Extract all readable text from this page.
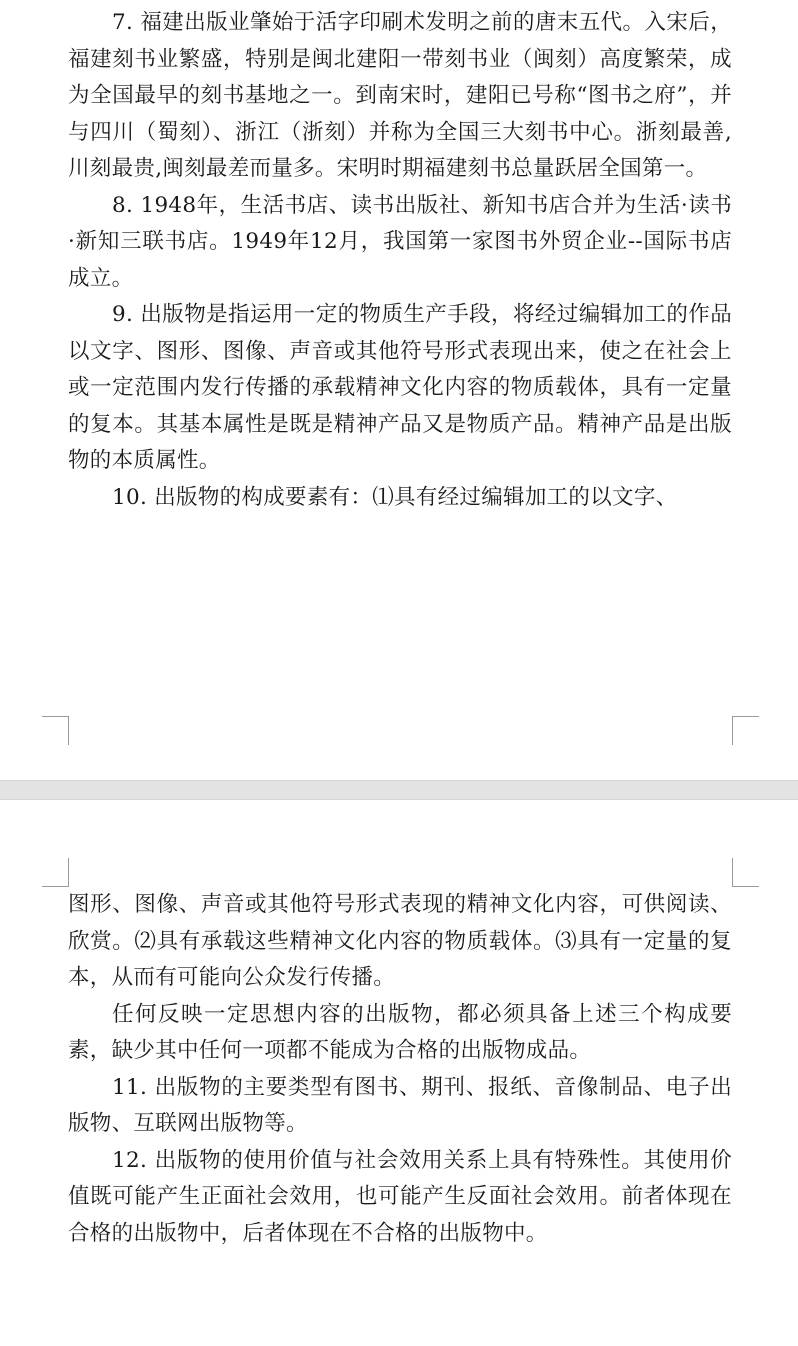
7. 福建出版业肇始于活字印刷术发明之前的唐末五代。入宋后，福建刻书业繁盛，特别是闽北建阳一带刻书业（闽刻）高度繁荣，成为全国最早的刻书基地之一。到南宋时，建阳已号称“图书之府”，并与四川（蜀刻）、浙江（浙刻）并称为全国三大刻书中心。浙刻最善,川刻最贵,闽刻最差而量多。宋明时期福建刻书总量跃居全国第一。

8. 1948年，生活书店、读书出版社、新知书店合并为生活·读书·新知三联书店。1949年12月，我国第一家图书外贸企业--国际书店成立。

9. 出版物是指运用一定的物质生产手段，将经过编辑加工的作品以文字、图形、图像、声音或其他符号形式表现出来，使之在社会上或一定范围内发行传播的承载精神文化内容的物质载体，具有一定量的复本。其基本属性是既是精神产品又是物质产品。精神产品是出版物的本质属性。

10. 出版物的构成要素有：⑴具有经过编辑加工的以文字、

图形、图像、声音或其他符号形式表现的精神文化内容，可供阅读、欣赏。⑵具有承载这些精神文化内容的物质载体。⑶具有一定量的复本，从而有可能向公众发行传播。

任何反映一定思想内容的出版物，都必须具备上述三个构成要素，缺少其中任何一项都不能成为合格的出版物成品。

11. 出版物的主要类型有图书、期刊、报纸、音像制品、电子出版物、互联网出版物等。

12. 出版物的使用价值与社会效用关系上具有特殊性。其使用价值既可能产生正面社会效用，也可能产生反面社会效用。前者体现在合格的出版物中，后者体现在不合格的出版物中。
